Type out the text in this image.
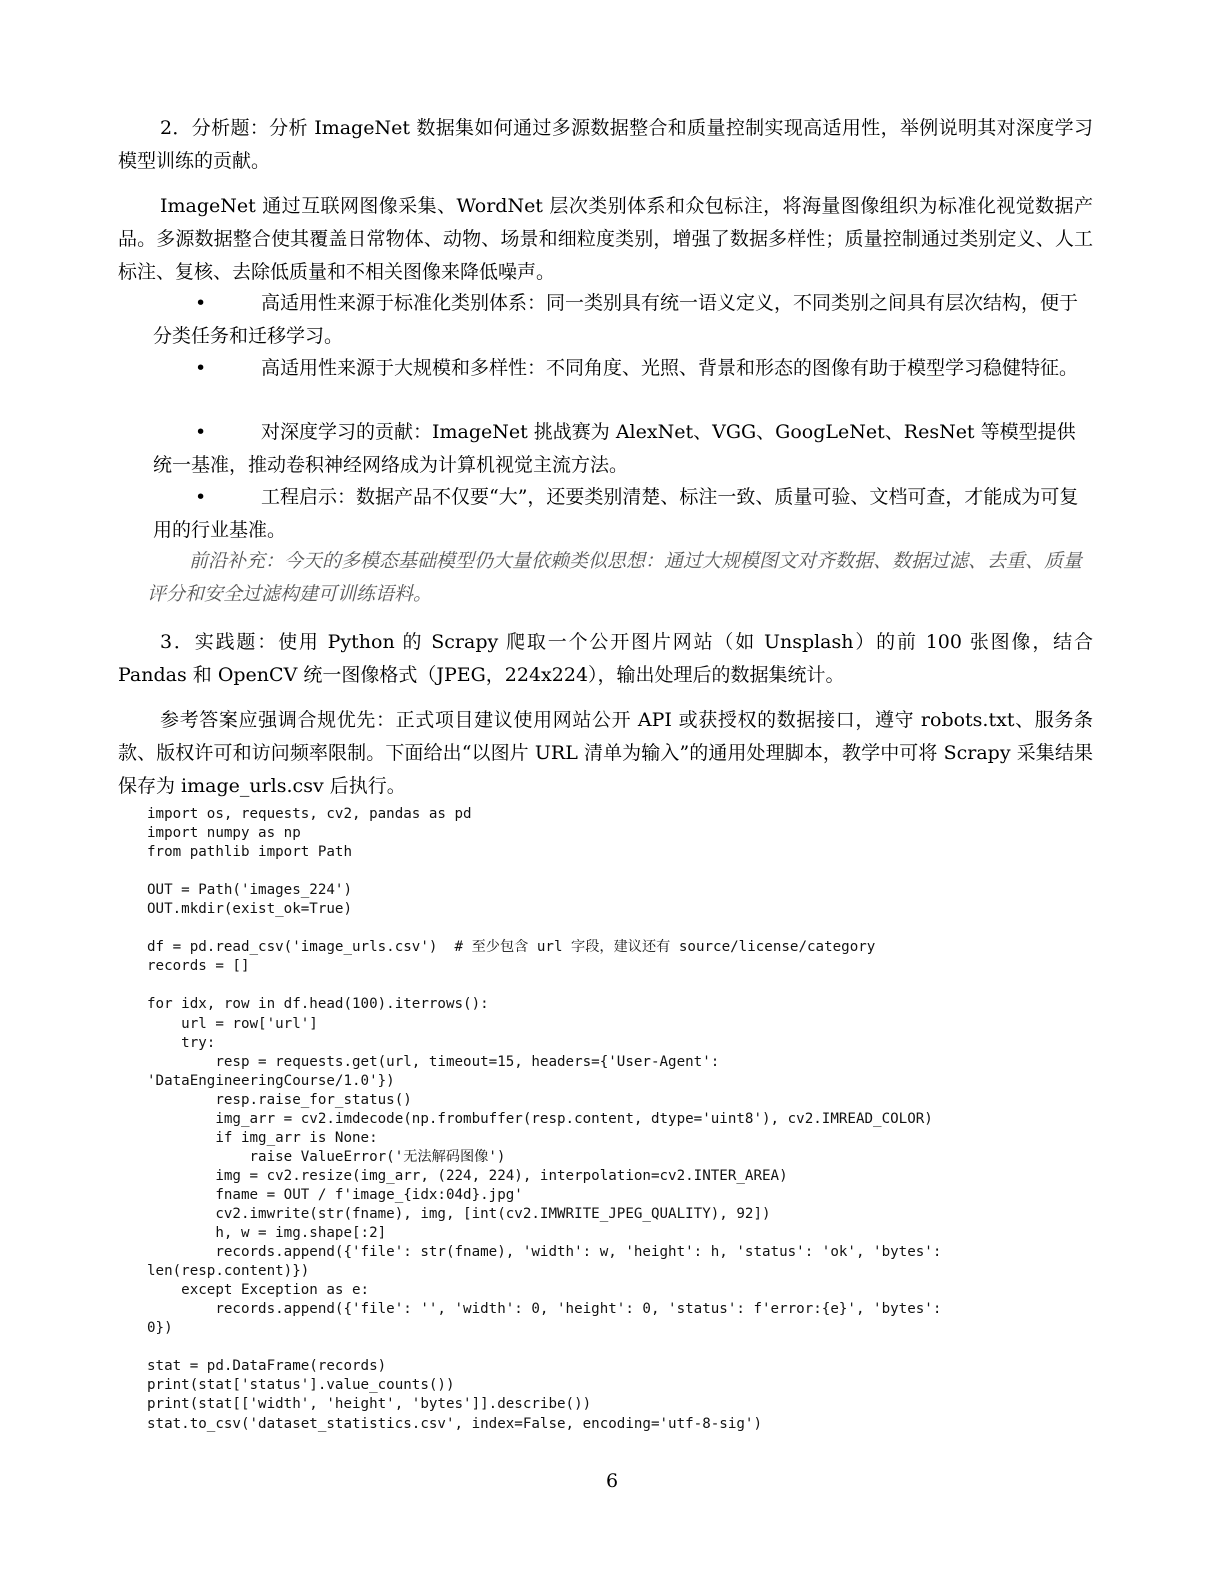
2．分析题：分析 ImageNet 数据集如何通过多源数据整合和质量控制实现高适用性，举例说明其对深度学习模型训练的贡献。

ImageNet 通过互联网图像采集、WordNet 层次类别体系和众包标注，将海量图像组织为标准化视觉数据产品。多源数据整合使其覆盖日常物体、动物、场景和细粒度类别，增强了数据多样性；质量控制通过类别定义、人工标注、复核、去除低质量和不相关图像来降低噪声。

•	高适用性来源于标准化类别体系：同一类别具有统一语义定义，不同类别之间具有层次结构，便于分类任务和迁移学习。

•	高适用性来源于大规模和多样性：不同角度、光照、背景和形态的图像有助于模型学习稳健特征。

•	对深度学习的贡献：ImageNet 挑战赛为 AlexNet、VGG、GoogLeNet、ResNet 等模型提供统一基准，推动卷积神经网络成为计算机视觉主流方法。

•	工程启示：数据产品不仅要“大”，还要类别清楚、标注一致、质量可验、文档可查，才能成为可复用的行业基准。

前沿补充：今天的多模态基础模型仍大量依赖类似思想：通过大规模图文对齐数据、数据过滤、去重、质量评分和安全过滤构建可训练语料。

3．实践题：使用 Python 的 Scrapy 爬取一个公开图片网站（如 Unsplash）的前 100 张图像，结合 Pandas 和 OpenCV 统一图像格式（JPEG，224x224），输出处理后的数据集统计。

参考答案应强调合规优先：正式项目建议使用网站公开 API 或获授权的数据接口，遵守 robots.txt、服务条款、版权许可和访问频率限制。下面给出“以图片 URL 清单为输入”的通用处理脚本，教学中可将 Scrapy 采集结果保存为 image_urls.csv 后执行。

import os, requests, cv2, pandas as pd
import numpy as np
from pathlib import Path

OUT = Path('images_224')
OUT.mkdir(exist_ok=True)

df = pd.read_csv('image_urls.csv')  # 至少包含 url 字段，建议还有 source/license/category
records = []

for idx, row in df.head(100).iterrows():
url = row['url']
try:
resp = requests.get(url, timeout=15, headers={'User-Agent':
'DataEngineeringCourse/1.0'})
resp.raise_for_status()
img_arr = cv2.imdecode(np.frombuffer(resp.content, dtype='uint8'), cv2.IMREAD_COLOR)
if img_arr is None:
raise ValueError('无法解码图像')
img = cv2.resize(img_arr, (224, 224), interpolation=cv2.INTER_AREA)
fname = OUT / f'image_{idx:04d}.jpg'
cv2.imwrite(str(fname), img, [int(cv2.IMWRITE_JPEG_QUALITY), 92])
h, w = img.shape[:2]
records.append({'file': str(fname), 'width': w, 'height': h, 'status': 'ok', 'bytes':
len(resp.content)})
except Exception as e:
records.append({'file': '', 'width': 0, 'height': 0, 'status': f'error:{e}', 'bytes':
0})

stat = pd.DataFrame(records)
print(stat['status'].value_counts())
print(stat[['width', 'height', 'bytes']].describe())
stat.to_csv('dataset_statistics.csv', index=False, encoding='utf-8-sig')
6
